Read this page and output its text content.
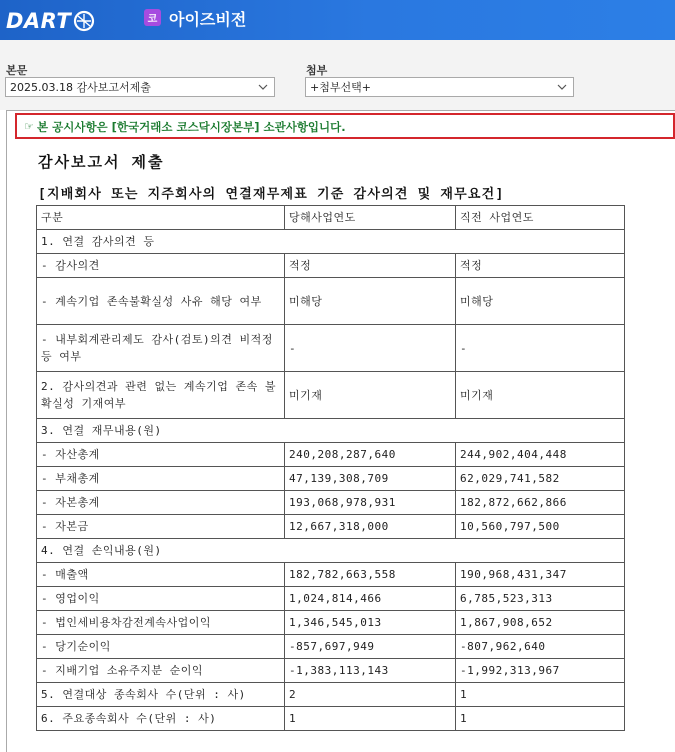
DART	코 아이즈비전
본문
2025.03.18 감사보고서제출
첨부
+첨부선택+
☞ 본 공시사항은 [한국거래소 코스닥시장본부] 소관사항입니다.
감사보고서 제출
[지배회사 또는 지주회사의 연결재무제표 기준 감사의견 및 재무요건]
구분	당해사업연도	직전 사업연도
1. 연결 감사의견 등		
- 감사의견	적정	적정
- 계속기업 존속불확실성 사유 해당 여부	미해당	미해당
- 내부회계관리제도 감사(검토)의견 비적정 등 여부	-	-
2. 감사의견과 관련 없는 계속기업 존속 불확실성 기재여부	미기재	미기재
3. 연결 재무내용(원)		
- 자산총계	240,208,287,640	244,902,404,448
- 부채총계	47,139,308,709	62,029,741,582
- 자본총계	193,068,978,931	182,872,662,866
- 자본금	12,667,318,000	10,560,797,500
4. 연결 손익내용(원)		
- 매출액	182,782,663,558	190,968,431,347
- 영업이익	1,024,814,466	6,785,523,313
- 법인세비용차감전계속사업이익	1,346,545,013	1,867,908,652
- 당기순이익	-857,697,949	-807,962,640
- 지배기업 소유주지분 순이익	-1,383,113,143	-1,992,313,967
5. 연결대상 종속회사 수(단위 : 사)	2	1
6. 주요종속회사 수(단위 : 사)	1	1
